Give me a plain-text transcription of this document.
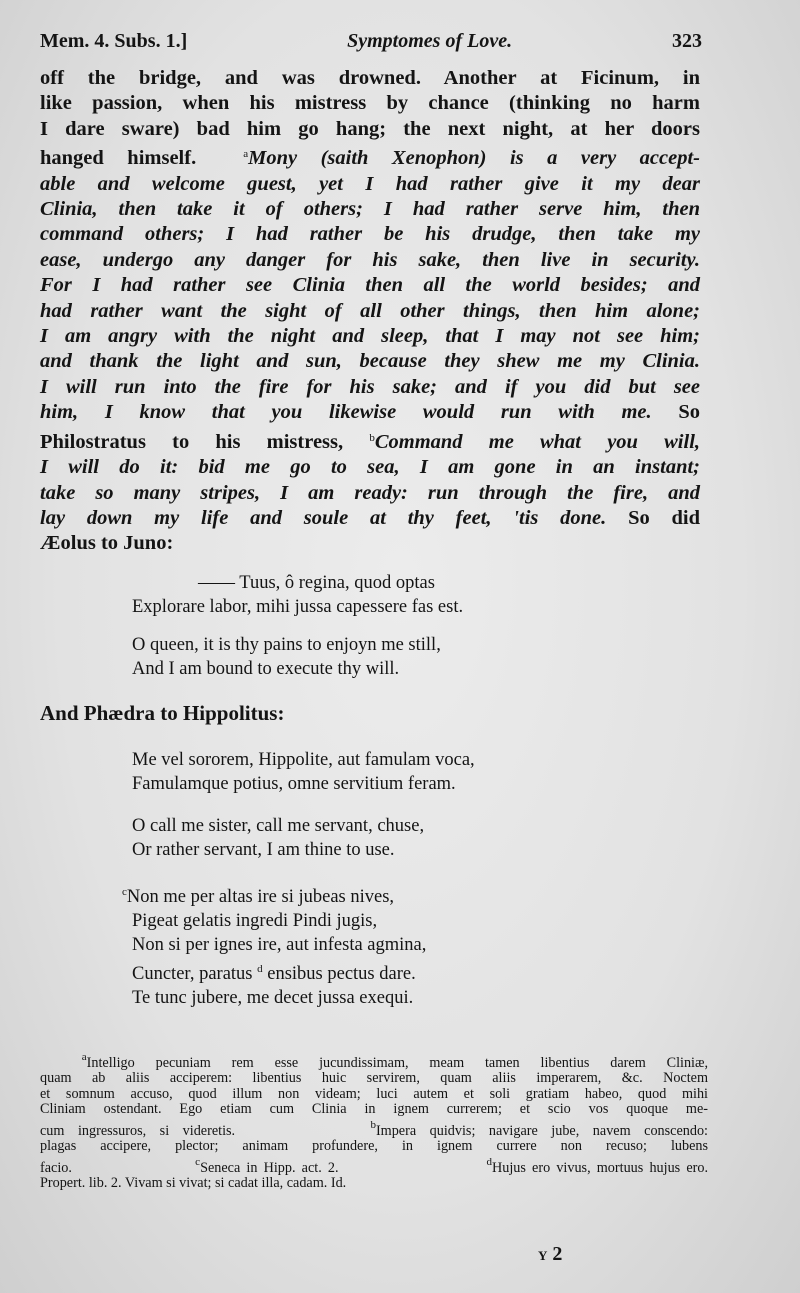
Mem. 4. Subs. 1.]	Symptomes of Love.	323
off the bridge, and was drowned. Another at Ficinum, in
like passion, when his mistress by chance (thinking no harm
I dare sware) bad him go hang; the next night, at her doors
hanged himself.	$^a$Mony (saith Xenophon) is a very accept-
able and welcome guest, yet I had rather give it my dear
Clinia, then take it of others; I had rather serve him, then
command others; I had rather be his drudge, then take my
ease, undergo any danger for his sake, then live in security.
For I had rather see Clinia then all the world besides; and
had rather want the sight of all other things, then him alone;
I am angry with the night and sleep, that I may not see him;
and thank the light and sun, because they shew me my Clinia.
I will run into the fire for his sake; and if you did but see
him, I know that you likewise would run with me. So
Philostratus to his mistress, $^b$Command me what you will,
I will do it: bid me go to sea, I am gone in an instant;
take so many stripes, I am ready: run through the fire, and
lay down my life and soule at thy feet, 'tis done. So did
Æolus to Juno:
—— Tuus, ô regina, quod optas
Explorare labor, mihi jussa capessere fas est.
O queen, it is thy pains to enjoyn me still,
And I am bound to execute thy will.
And Phædra to Hippolitus:
Me vel sororem, Hippolite, aut famulam voca,
Famulamque potius, omne servitium feram.
O call me sister, call me servant, chuse,
Or rather servant, I am thine to use.
$^c$Non me per altas ire si jubeas nives,
Pigeat gelatis ingredi Pindi jugis,
Non si per ignes ire, aut infesta agmina,
Cuncter, paratus $^d$ ensibus pectus dare.
Te tunc jubere, me decet jussa exequi.
$^a$Intelligo pecuniam rem esse jucundissimam, meam tamen libentius darem Cliniæ,
quam ab aliis acciperem: libentius huic servirem, quam aliis imperarem, &c. Noctem
et somnum accuso, quod illum non videam; luci autem et soli gratiam habeo, quod mihi
Cliniam ostendant. Ego etiam cum Clinia in ignem currerem; et scio vos quoque me-
cum ingressuros, si videretis.	$^b$Impera quidvis; navigare jube, navem conscendo:
plagas accipere, plector; animam profundere, in ignem currere non recuso; lubens
facio.	$^c$Seneca in Hipp. act. 2.	$^d$Hujus ero vivus, mortuus hujus ero.
Propert. lib. 2. Vivam si vivat; si cadat illa, cadam. Id.
Y 2
